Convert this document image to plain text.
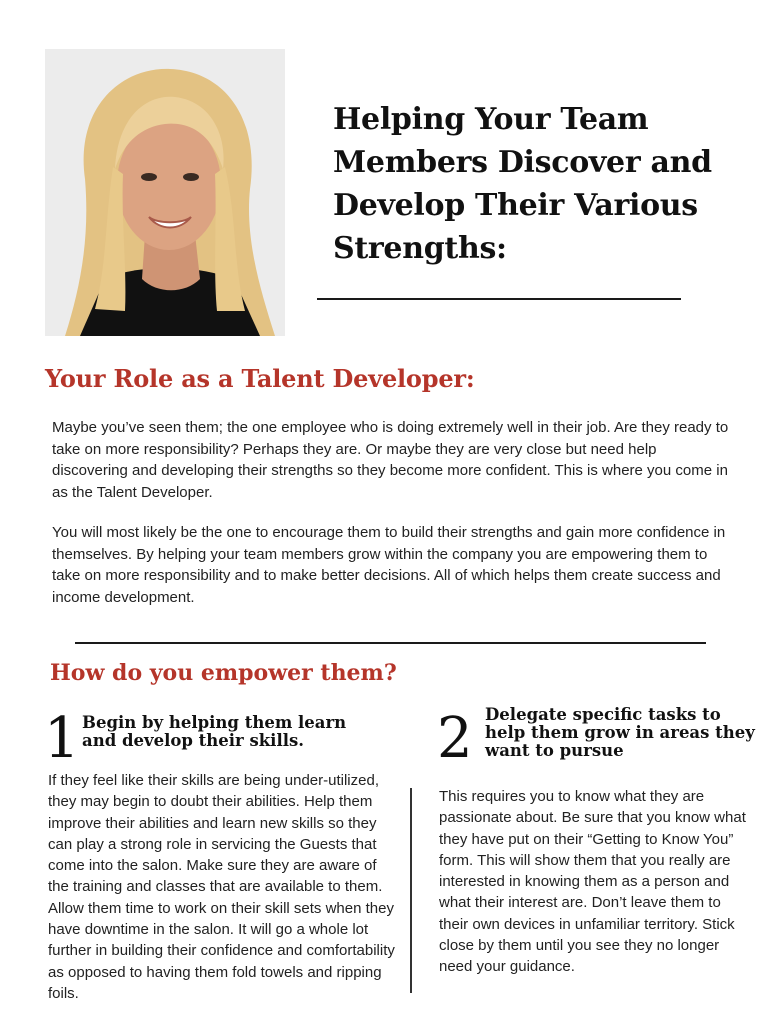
Helping Your Team Members Discover and Develop Their Various Strengths:
Your Role as a Talent Developer:

Maybe you’ve seen them; the one employee who is doing extremely well in their job. Are they ready to take on more responsibility? Perhaps they are. Or maybe they are very close but need help discovering and developing their strengths so they become more confident. This is where you come in as the Talent Developer.

You will most likely be the one to encourage them to build their strengths and gain more confidence in themselves. By helping your team members grow within the company you are empowering them to take on more responsibility and to make better decisions. All of which helps them create success and income development.

How do you empower them?
1 Begin by helping them learn and develop their skills.

If they feel like their skills are being under-utilized, they may begin to doubt their abilities. Help them improve their abilities and learn new skills so they can play a strong role in servicing the Guests that come into the salon. Make sure they are aware of the training and classes that are available to them. Allow them time to work on their skill sets when they have downtime in the salon. It will go a whole lot further in building their confidence and comfortability as opposed to having them fold towels and ripping foils.

2 Delegate specific tasks to help them grow in areas they want to pursue

This requires you to know what they are passionate about. Be sure that you know what they have put on their “Getting to Know You” form. This will show them that you really are interested in knowing them as a person and what their interest are. Don’t leave them to their own devices in unfamiliar territory. Stick close by them until you see they no longer need your guidance.
